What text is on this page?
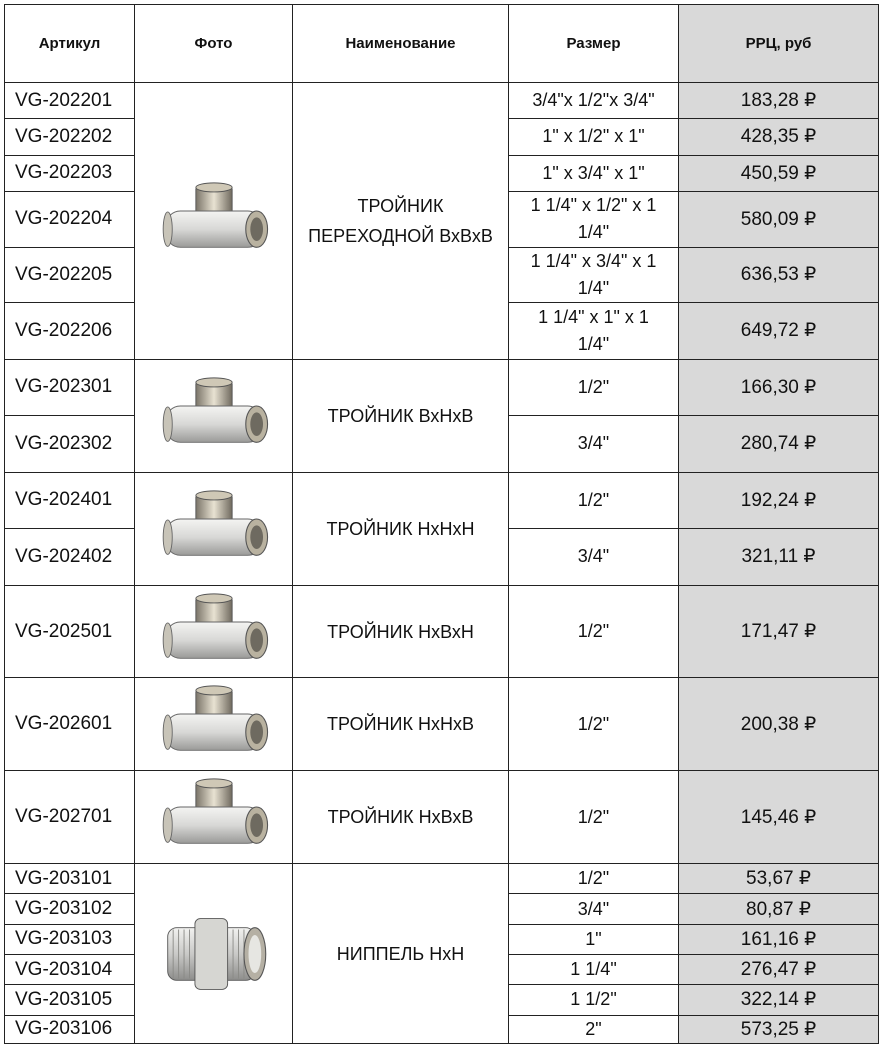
Артикул	Фото	Наименование	Размер	РРЦ, руб
VG-202201		ТРОЙНИК ПЕРЕХОДНОЙ ВхВхВ	3/4"x 1/2"x 3/4"	183,28 ₽
VG-202202			1" x 1/2" x 1"	428,35 ₽
VG-202203			1" x 3/4" x 1"	450,59 ₽
VG-202204			1 1/4" x 1/2" x 1 1/4"	580,09 ₽
VG-202205			1 1/4" x 3/4" x 1 1/4"	636,53 ₽
VG-202206			1 1/4" x 1" x 1 1/4"	649,72 ₽
VG-202301		ТРОЙНИК ВхНхВ	1/2"	166,30 ₽
VG-202302			3/4"	280,74 ₽
VG-202401		ТРОЙНИК НхНхН	1/2"	192,24 ₽
VG-202402			3/4"	321,11 ₽
VG-202501		ТРОЙНИК НхВхН	1/2"	171,47 ₽
VG-202601		ТРОЙНИК НхНхВ	1/2"	200,38 ₽
VG-202701		ТРОЙНИК НхВхВ	1/2"	145,46 ₽
VG-203101		НИППЕЛЬ НхН	1/2"	53,67 ₽
VG-203102			3/4"	80,87 ₽
VG-203103			1"	161,16 ₽
VG-203104			1 1/4"	276,47 ₽
VG-203105			1 1/2"	322,14 ₽
VG-203106			2"	573,25 ₽
